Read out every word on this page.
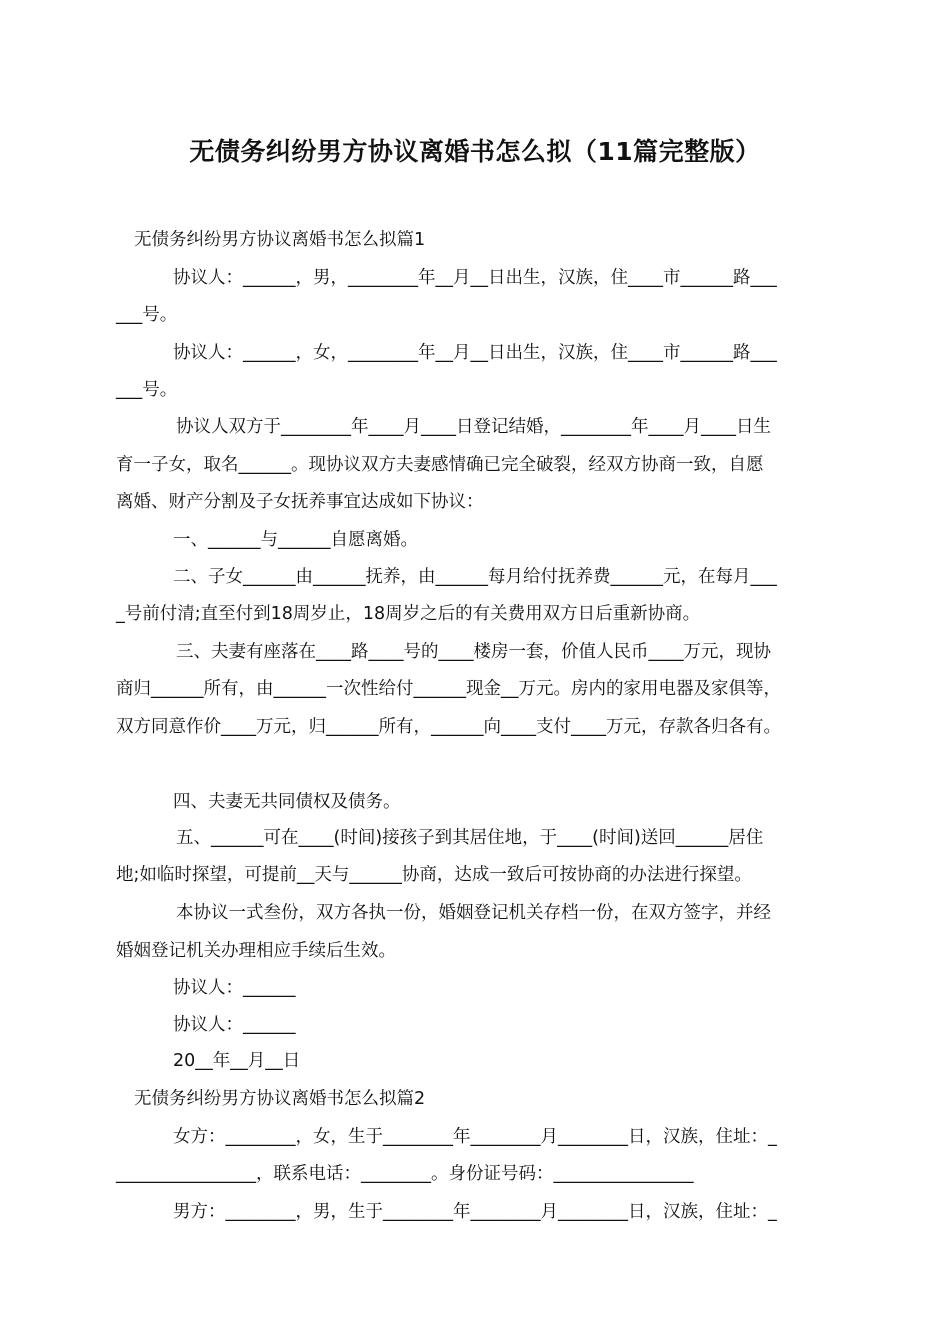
无债务纠纷男方协议离婚书怎么拟（11篇完整版）
无债务纠纷男方协议离婚书怎么拟篇1
协议人：______，男，________年__月__日出生，汉族，住____市______路___
___号。
协议人：______，女，________年__月__日出生，汉族，住____市______路___
___号。
协议人双方于________年____月____日登记结婚，________年____月____日生
育一子女，取名______。现协议双方夫妻感情确已完全破裂，经双方协商一致，自愿
离婚、财产分割及子女抚养事宜达成如下协议：
一、______与______自愿离婚。
二、子女______由______抚养，由______每月给付抚养费______元，在每月___
_号前付清;直至付到18周岁止，18周岁之后的有关费用双方日后重新协商。
三、夫妻有座落在____路____号的____楼房一套，价值人民币____万元，现协
商归______所有，由______一次性给付______现金__万元。房内的家用电器及家俱等，
双方同意作价____万元，归______所有，______向____支付____万元，存款各归各有。
四、夫妻无共同债权及债务。
五、______可在____(时间)接孩子到其居住地，于____(时间)送回______居住
地;如临时探望，可提前__天与______协商，达成一致后可按协商的办法进行探望。
本协议一式叁份，双方各执一份，婚姻登记机关存档一份，在双方签字，并经
婚姻登记机关办理相应手续后生效。
协议人：______
协议人：______
20__年__月__日
无债务纠纷男方协议离婚书怎么拟篇2
女方：________，女，生于________年________月________日，汉族，住址：_
________________，联系电话：________。身份证号码：________________
男方：________，男，生于________年________月________日，汉族，住址：_
